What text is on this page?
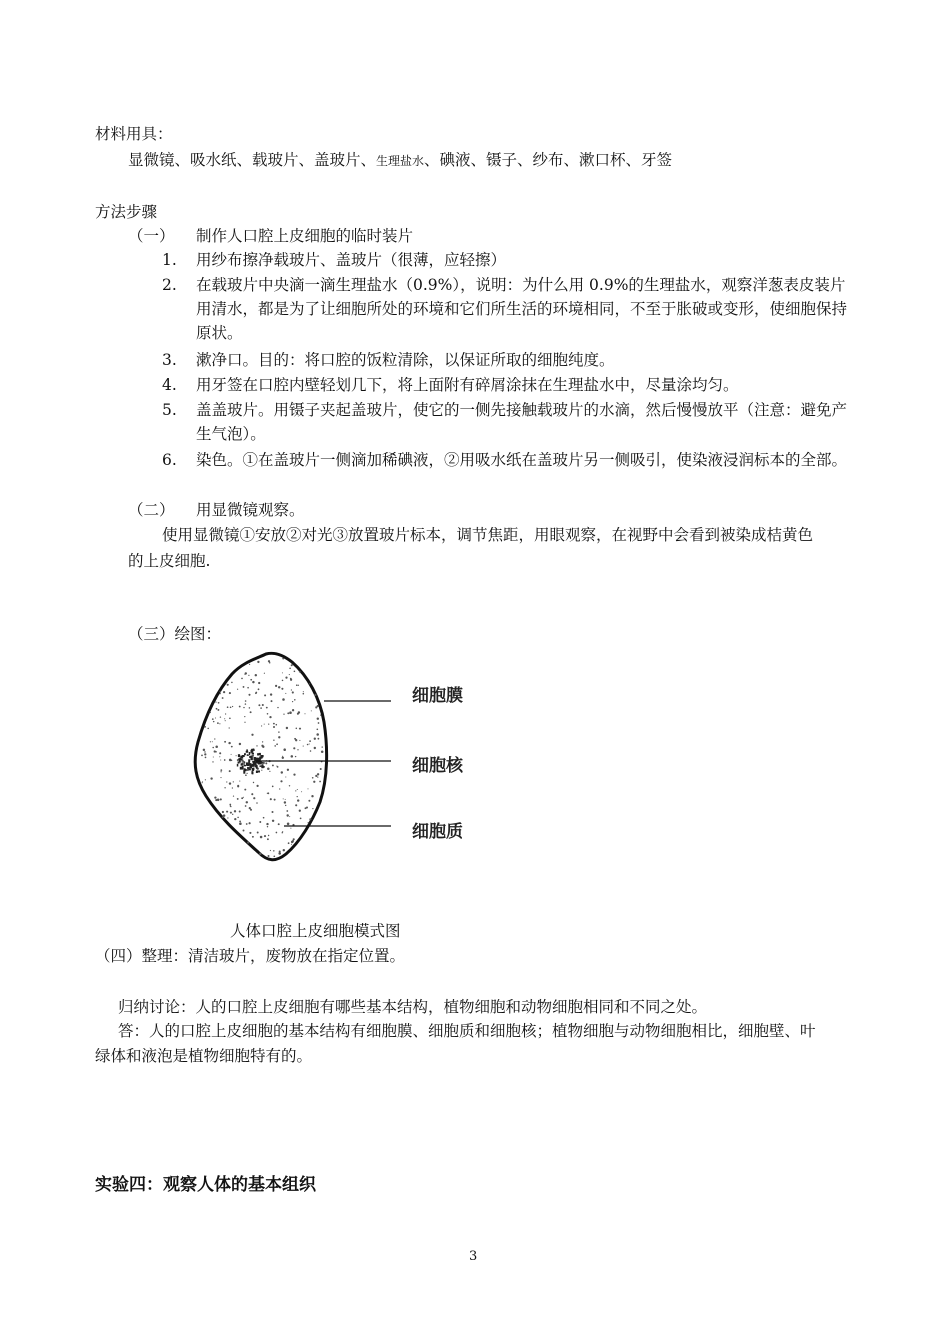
材料用具：
显微镜、吸水纸、载玻片、盖玻片、生理盐水、碘液、镊子、纱布、漱口杯、牙签
方法步骤
（一） 制作人口腔上皮细胞的临时装片
1.	用纱布擦净载玻片、盖玻片（很薄，应轻擦）
2.	在载玻片中央滴一滴生理盐水（0.9%），说明：为什么用 0.9%的生理盐水，观察洋葱表皮装片用清水，都是为了让细胞所处的环境和它们所生活的环境相同，不至于胀破或变形，使细胞保持原状。
3.	漱净口。目的：将口腔的饭粒清除，以保证所取的细胞纯度。
4.	用牙签在口腔内壁轻划几下，将上面附有碎屑涂抹在生理盐水中，尽量涂均匀。
5.	盖盖玻片。用镊子夹起盖玻片，使它的一侧先接触载玻片的水滴，然后慢慢放平（注意：避免产生气泡）。
6.	染色。①在盖玻片一侧滴加稀碘液，②用吸水纸在盖玻片另一侧吸引，使染液浸润标本的全部。
（二） 用显微镜观察。
使用显微镜①安放②对光③放置玻片标本，调节焦距，用眼观察，在视野中会看到被染成桔黄色
的上皮细胞.
（三）绘图：
细胞膜
细胞核
细胞质
人体口腔上皮细胞模式图
（四）整理：清洁玻片，废物放在指定位置。
归纳讨论：人的口腔上皮细胞有哪些基本结构，植物细胞和动物细胞相同和不同之处。
答：人的口腔上皮细胞的基本结构有细胞膜、细胞质和细胞核；植物细胞与动物细胞相比，细胞壁、叶
绿体和液泡是植物细胞特有的。
实验四：观察人体的基本组织
3
